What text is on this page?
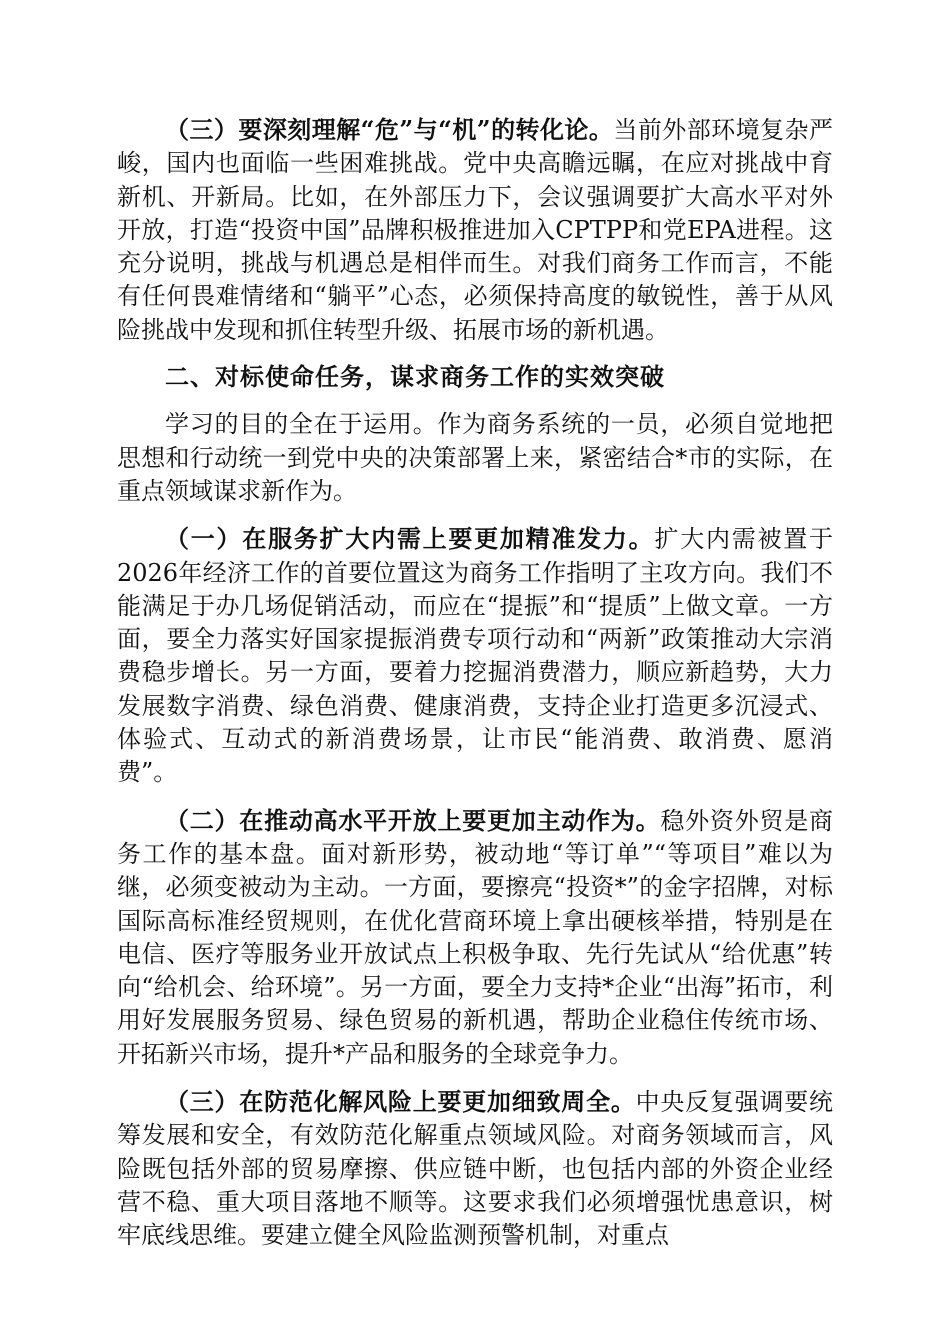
（三）要深刻理解“危”与“机”的转化论。当前外部环境复杂严峻，国内也面临一些困难挑战。党中央高瞻远瞩，在应对挑战中育新机、开新局。比如，在外部压力下，会议强调要扩大高水平对外开放，打造“投资中国”品牌积极推进加入CPTPP和党EPA进程。这充分说明，挑战与机遇总是相伴而生。对我们商务工作而言，不能有任何畏难情绪和“躺平”心态，必须保持高度的敏锐性，善于从风险挑战中发现和抓住转型升级、拓展市场的新机遇。

二、对标使命任务，谋求商务工作的实效突破

学习的目的全在于运用。作为商务系统的一员，必须自觉地把思想和行动统一到党中央的决策部署上来，紧密结合*市的实际，在重点领域谋求新作为。

（一）在服务扩大内需上要更加精准发力。扩大内需被置于2026年经济工作的首要位置这为商务工作指明了主攻方向。我们不能满足于办几场促销活动，而应在“提振”和“提质”上做文章。一方面，要全力落实好国家提振消费专项行动和“两新”政策推动大宗消费稳步增长。另一方面，要着力挖掘消费潜力，顺应新趋势，大力发展数字消费、绿色消费、健康消费，支持企业打造更多沉浸式、体验式、互动式的新消费场景，让市民“能消费、敢消费、愿消费”。

（二）在推动高水平开放上要更加主动作为。稳外资外贸是商务工作的基本盘。面对新形势，被动地“等订单”“等项目”难以为继，必须变被动为主动。一方面，要擦亮“投资*”的金字招牌，对标国际高标准经贸规则，在优化营商环境上拿出硬核举措，特别是在电信、医疗等服务业开放试点上积极争取、先行先试从“给优惠”转向“给机会、给环境”。另一方面，要全力支持*企业“出海”拓市，利用好发展服务贸易、绿色贸易的新机遇，帮助企业稳住传统市场、开拓新兴市场，提升*产品和服务的全球竞争力。

（三）在防范化解风险上要更加细致周全。中央反复强调要统筹发展和安全，有效防范化解重点领域风险。对商务领域而言，风险既包括外部的贸易摩擦、供应链中断，也包括内部的外资企业经营不稳、重大项目落地不顺等。这要求我们必须增强忧患意识，树牢底线思维。要建立健全风险监测预警机制，对重点
